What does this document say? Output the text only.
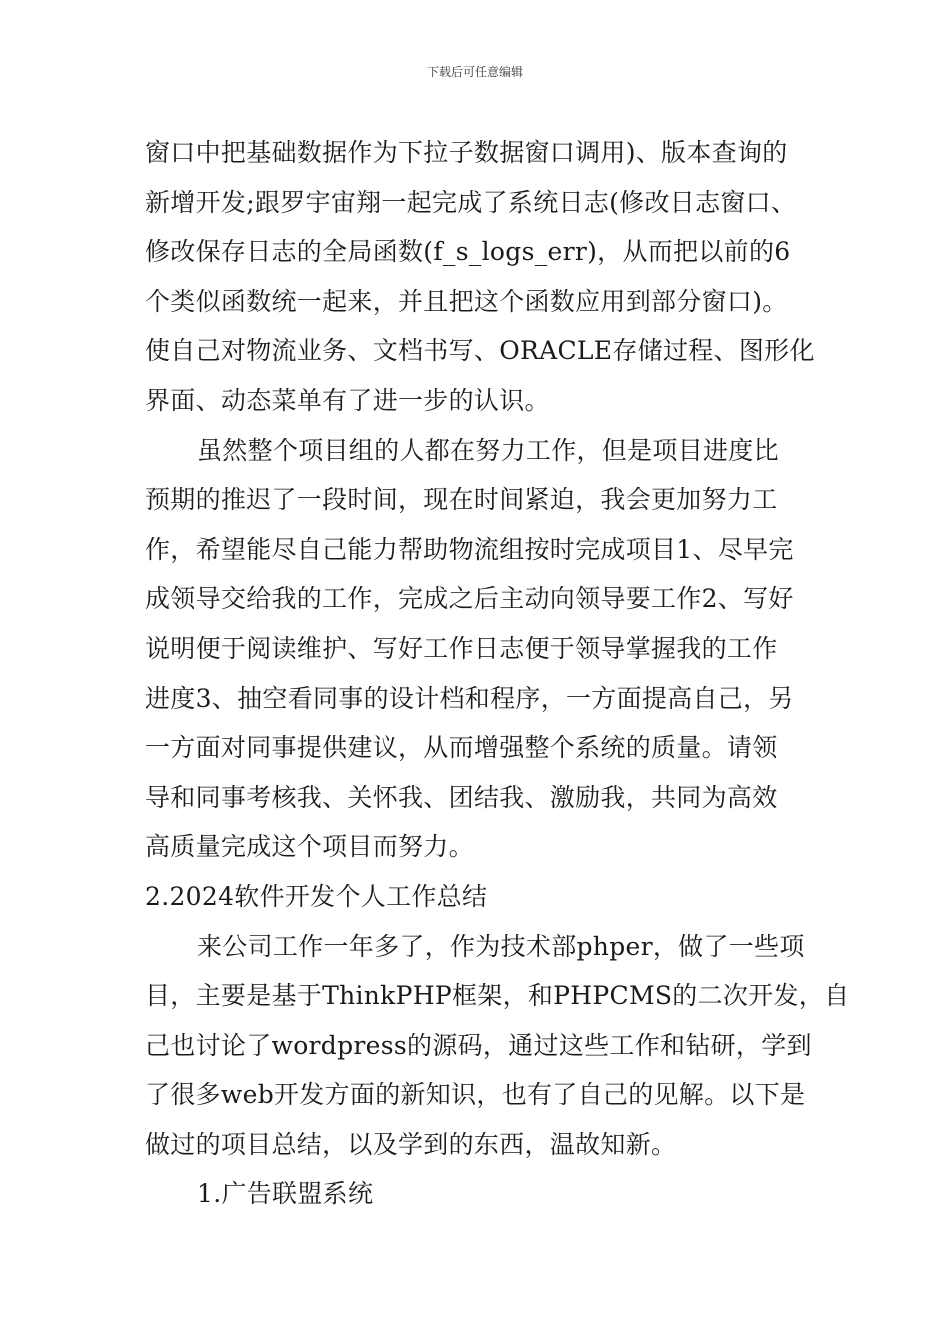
下载后可任意编辑
窗口中把基础数据作为下拉子数据窗口调用)、版本查询的
新增开发;跟罗宇宙翔一起完成了系统日志(修改日志窗口、
修改保存日志的全局函数(f_s_logs_err)，从而把以前的6
个类似函数统一起来，并且把这个函数应用到部分窗口)。
使自己对物流业务、文档书写、ORACLE存储过程、图形化
界面、动态菜单有了进一步的认识。
虽然整个项目组的人都在努力工作，但是项目进度比
预期的推迟了一段时间，现在时间紧迫，我会更加努力工
作，希望能尽自己能力帮助物流组按时完成项目1、尽早完
成领导交给我的工作，完成之后主动向领导要工作2、写好
说明便于阅读维护、写好工作日志便于领导掌握我的工作
进度3、抽空看同事的设计档和程序，一方面提高自己，另
一方面对同事提供建议，从而增强整个系统的质量。请领
导和同事考核我、关怀我、团结我、激励我，共同为高效
高质量完成这个项目而努力。
2.2024软件开发个人工作总结
来公司工作一年多了，作为技术部phper，做了一些项
目，主要是基于ThinkPHP框架，和PHPCMS的二次开发，自
己也讨论了wordpress的源码，通过这些工作和钻研，学到
了很多web开发方面的新知识，也有了自己的见解。以下是
做过的项目总结，以及学到的东西，温故知新。
1.广告联盟系统
